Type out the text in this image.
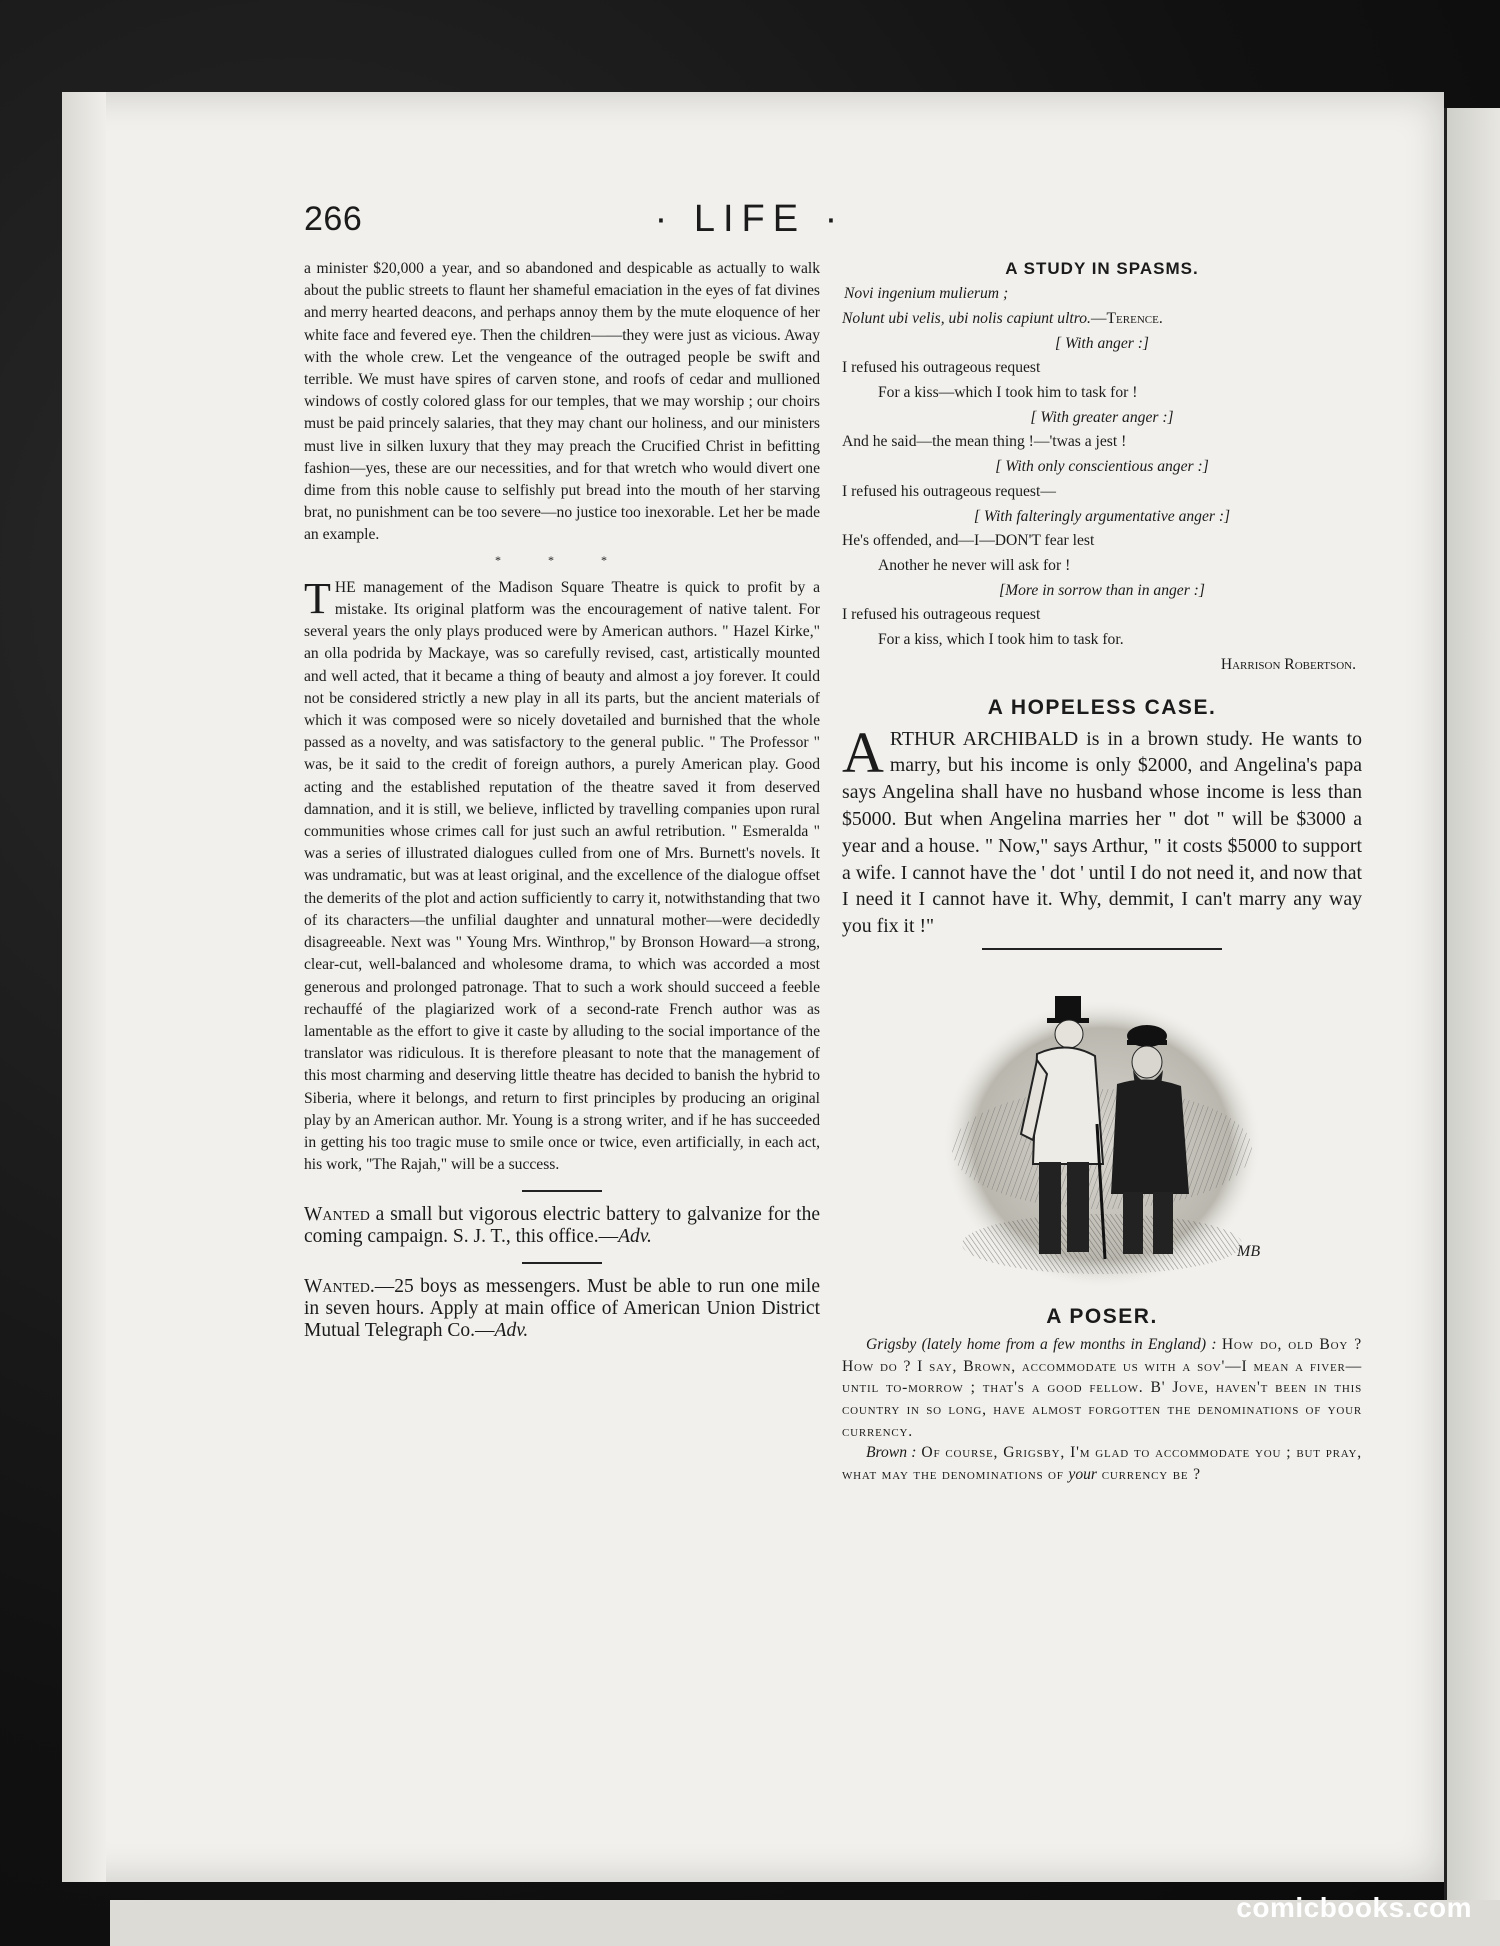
266	· LIFE ·

a minister $20,000 a year, and so abandoned and despicable as actually to walk about the public streets to flaunt her shameful emaciation in the eyes of fat divines and merry hearted deacons, and perhaps annoy them by the mute eloquence of her white face and fevered eye. Then the children——they were just as vicious. Away with the whole crew. Let the vengeance of the outraged people be swift and terrible. We must have spires of carven stone, and roofs of cedar and mullioned windows of costly colored glass for our temples, that we may worship ; our choirs must be paid princely salaries, that they may chant our holiness, and our ministers must live in silken luxury that they may preach the Crucified Christ in befitting fashion—yes, these are our necessities, and for that wretch who would divert one dime from this noble cause to selfishly put bread into the mouth of her starving brat, no punishment can be too severe—no justice too inexorable. Let her be made an example.

* * *

THE management of the Madison Square Theatre is quick to profit by a mistake. Its original platform was the encouragement of native talent. For several years the only plays produced were by American authors. " Hazel Kirke," an olla podrida by Mackaye, was so carefully revised, cast, artistically mounted and well acted, that it became a thing of beauty and almost a joy forever. It could not be considered strictly a new play in all its parts, but the ancient materials of which it was composed were so nicely dovetailed and burnished that the whole passed as a novelty, and was satisfactory to the general public. " The Professor " was, be it said to the credit of foreign authors, a purely American play. Good acting and the established reputation of the theatre saved it from deserved damnation, and it is still, we believe, inflicted by travelling companies upon rural communities whose crimes call for just such an awful retribution. " Esmeralda " was a series of illustrated dialogues culled from one of Mrs. Burnett's novels. It was undramatic, but was at least original, and the excellence of the dialogue offset the demerits of the plot and action sufficiently to carry it, notwithstanding that two of its characters—the unfilial daughter and unnatural mother—were decidedly disagreeable. Next was " Young Mrs. Winthrop," by Bronson Howard—a strong, clear-cut, well-balanced and wholesome drama, to which was accorded a most generous and prolonged patronage. That to such a work should succeed a feeble rechauffé of the plagiarized work of a second-rate French author was as lamentable as the effort to give it caste by alluding to the social importance of the translator was ridiculous. It is therefore pleasant to note that the management of this most charming and deserving little theatre has decided to banish the hybrid to Siberia, where it belongs, and return to first principles by producing an original play by an American author. Mr. Young is a strong writer, and if he has succeeded in getting his too tragic muse to smile once or twice, even artificially, in each act, his work, "The Rajah," will be a success.

Wanted a small but vigorous electric battery to galvanize for the coming campaign. S. J. T., this office.—Adv.

Wanted.—25 boys as messengers. Must be able to run one mile in seven hours. Apply at main office of American Union District Mutual Telegraph Co.—Adv.

A STUDY IN SPASMS.
Novi ingenium mulierum ;
Nolunt ubi velis, ubi nolis capiunt ultro.—Terence.
[ With anger :]
I refused his outrageous request
For a kiss—which I took him to task for !
[ With greater anger :]
And he said—the mean thing !—'twas a jest !
[ With only conscientious anger :]
I refused his outrageous request—
[ With falteringly argumentative anger :]
He's offended, and—I—DON'T fear lest
Another he never will ask for !
[More in sorrow than in anger :]
I refused his outrageous request
For a kiss, which I took him to task for.
Harrison Robertson.
A HOPELESS CASE.

ARTHUR ARCHIBALD is in a brown study. He wants to marry, but his income is only $2000, and Angelina's papa says Angelina shall have no husband whose income is less than $5000. But when Angelina marries her " dot " will be $3000 a year and a house. " Now," says Arthur, " it costs $5000 to support a wife. I cannot have the ' dot ' until I do not need it, and now that I need it I cannot have it. Why, demmit, I can't marry any way you fix it !"

MB
A POSER.

Grigsby (lately home from a few months in England) : How do, old Boy ? How do ? I say, Brown, accommodate us with a sov'—I mean a fiver—until to-morrow ; that's a good fellow. B' Jove, haven't been in this country in so long, have almost forgotten the denominations of your currency.

Brown : Of course, Grigsby, I'm glad to accommodate you ; but pray, what may the denominations of your currency be ?

comicbooks.com
